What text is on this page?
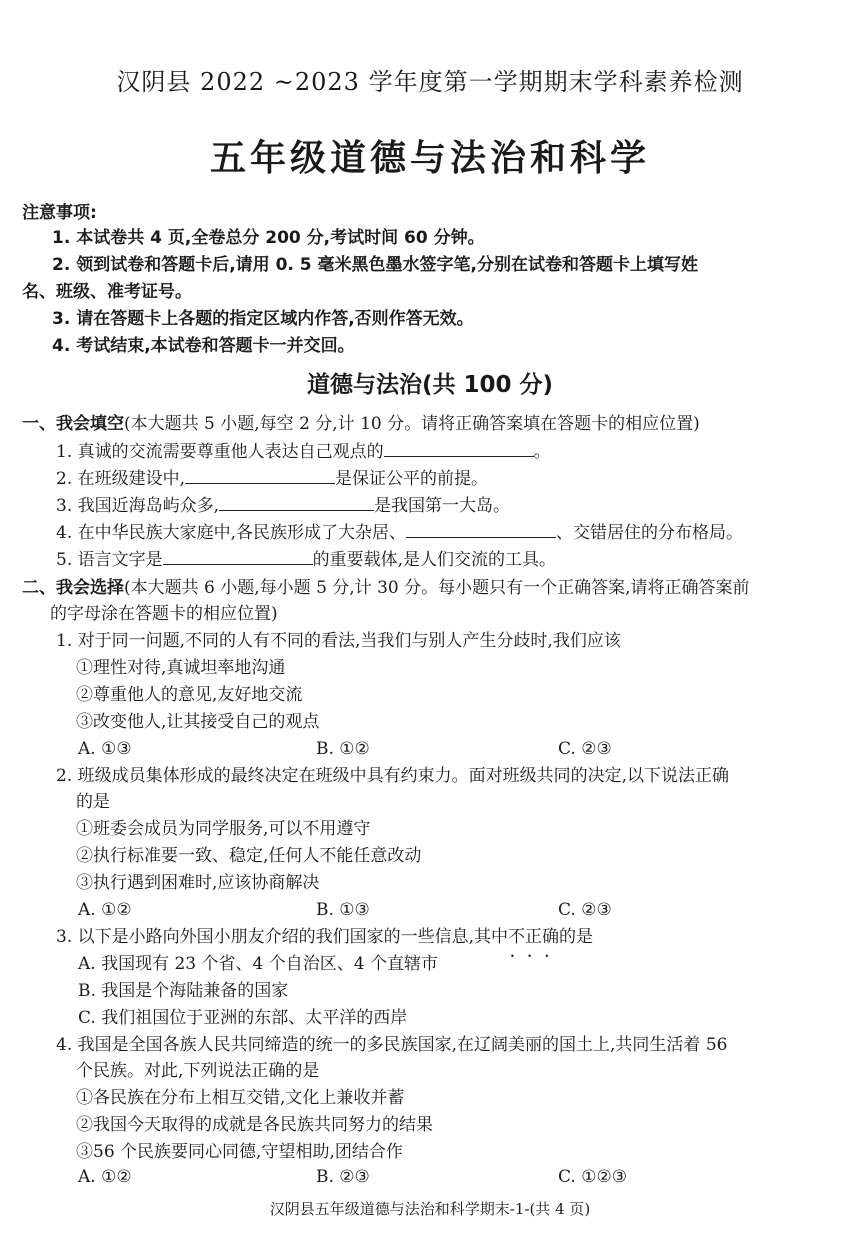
汉阴县 2022 ~2023 学年度第一学期期末学科素养检测
五年级道德与法治和科学
注意事项:
1. 本试卷共 4 页,全卷总分 200 分,考试时间 60 分钟。
2. 领到试卷和答题卡后,请用 0. 5 毫米黑色墨水签字笔,分别在试卷和答题卡上填写姓
名、班级、准考证号。
3. 请在答题卡上各题的指定区域内作答,否则作答无效。
4. 考试结束,本试卷和答题卡一并交回。
道德与法治(共 100 分)
一、我会填空(本大题共 5 小题,每空 2 分,计 10 分。请将正确答案填在答题卡的相应位置)
1. 真诚的交流需要尊重他人表达自己观点的	。
2. 在班级建设中,	是保证公平的前提。
3. 我国近海岛屿众多,	是我国第一大岛。
4. 在中华民族大家庭中,各民族形成了大杂居、	、交错居住的分布格局。
5. 语言文字是	的重要载体,是人们交流的工具。
二、我会选择(本大题共 6 小题,每小题 5 分,计 30 分。每小题只有一个正确答案,请将正确答案前
的字母涂在答题卡的相应位置)
1. 对于同一问题,不同的人有不同的看法,当我们与别人产生分歧时,我们应该
①理性对待,真诚坦率地沟通
②尊重他人的意见,友好地交流
③改变他人,让其接受自己的观点
A. ①③	B. ①②	C. ②③
2. 班级成员集体形成的最终决定在班级中具有约束力。面对班级共同的决定,以下说法正确
的是
①班委会成员为同学服务,可以不用遵守
②执行标准要一致、稳定,任何人不能任意改动
③执行遇到困难时,应该协商解决
A. ①②	B. ①③	C. ②③
3. 以下是小路向外国小朋友介绍的我们国家的一些信息,其中不正确 • • •的是
A. 我国现有 23 个省、4 个自治区、4 个直辖市
B. 我国是个海陆兼备的国家
C. 我们祖国位于亚洲的东部、太平洋的西岸
4. 我国是全国各族人民共同缔造的统一的多民族国家,在辽阔美丽的国土上,共同生活着 56
个民族。对此,下列说法正确的是
①各民族在分布上相互交错,文化上兼收并蓄
②我国今天取得的成就是各民族共同努力的结果
③56 个民族要同心同德,守望相助,团结合作
A. ①②	B. ②③	C. ①②③
汉阴县五年级道德与法治和科学期末-1-(共 4 页)
